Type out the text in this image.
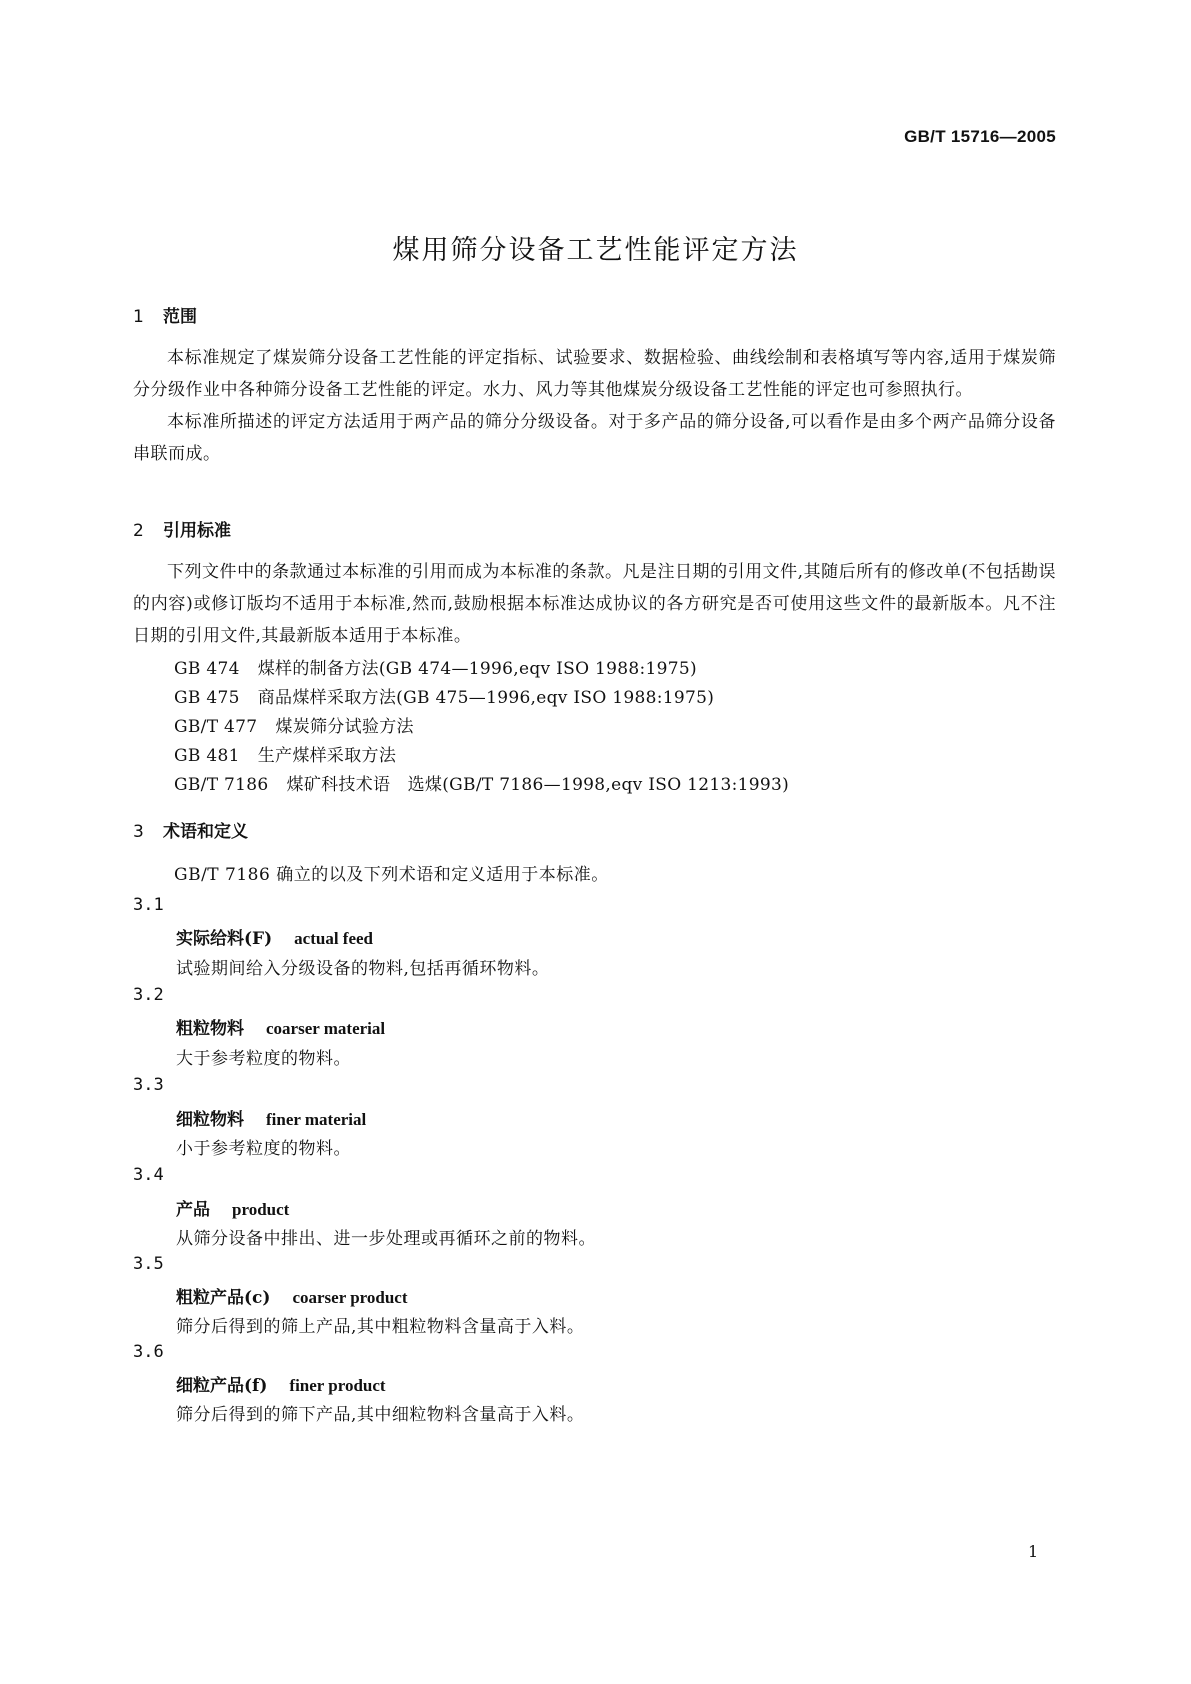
GB/T 15716—2005
煤用筛分设备工艺性能评定方法
1 范围

本标准规定了煤炭筛分设备工艺性能的评定指标、试验要求、数据检验、曲线绘制和表格填写等内容,适用于煤炭筛分分级作业中各种筛分设备工艺性能的评定。水力、风力等其他煤炭分级设备工艺性能的评定也可参照执行。

本标准所描述的评定方法适用于两产品的筛分分级设备。对于多产品的筛分设备,可以看作是由多个两产品筛分设备串联而成。

2 引用标准

下列文件中的条款通过本标准的引用而成为本标准的条款。凡是注日期的引用文件,其随后所有的修改单(不包括勘误的内容)或修订版均不适用于本标准,然而,鼓励根据本标准达成协议的各方研究是否可使用这些文件的最新版本。凡不注日期的引用文件,其最新版本适用于本标准。

GB 474 煤样的制备方法(GB 474—1996,eqv ISO 1988:1975)
GB 475 商品煤样采取方法(GB 475—1996,eqv ISO 1988:1975)
GB/T 477 煤炭筛分试验方法
GB 481 生产煤样采取方法
GB/T 7186 煤矿科技术语　选煤(GB/T 7186—1998,eqv ISO 1213:1993)
3 术语和定义
GB/T 7186 确立的以及下列术语和定义适用于本标准。
3.1
实际给料(F) actual feed
试验期间给入分级设备的物料,包括再循环物料。
3.2
粗粒物料 coarser material
大于参考粒度的物料。
3.3
细粒物料 finer material
小于参考粒度的物料。
3.4
产品 product
从筛分设备中排出、进一步处理或再循环之前的物料。
3.5
粗粒产品(c) coarser product
筛分后得到的筛上产品,其中粗粒物料含量高于入料。
3.6
细粒产品(f) finer product
筛分后得到的筛下产品,其中细粒物料含量高于入料。
1
